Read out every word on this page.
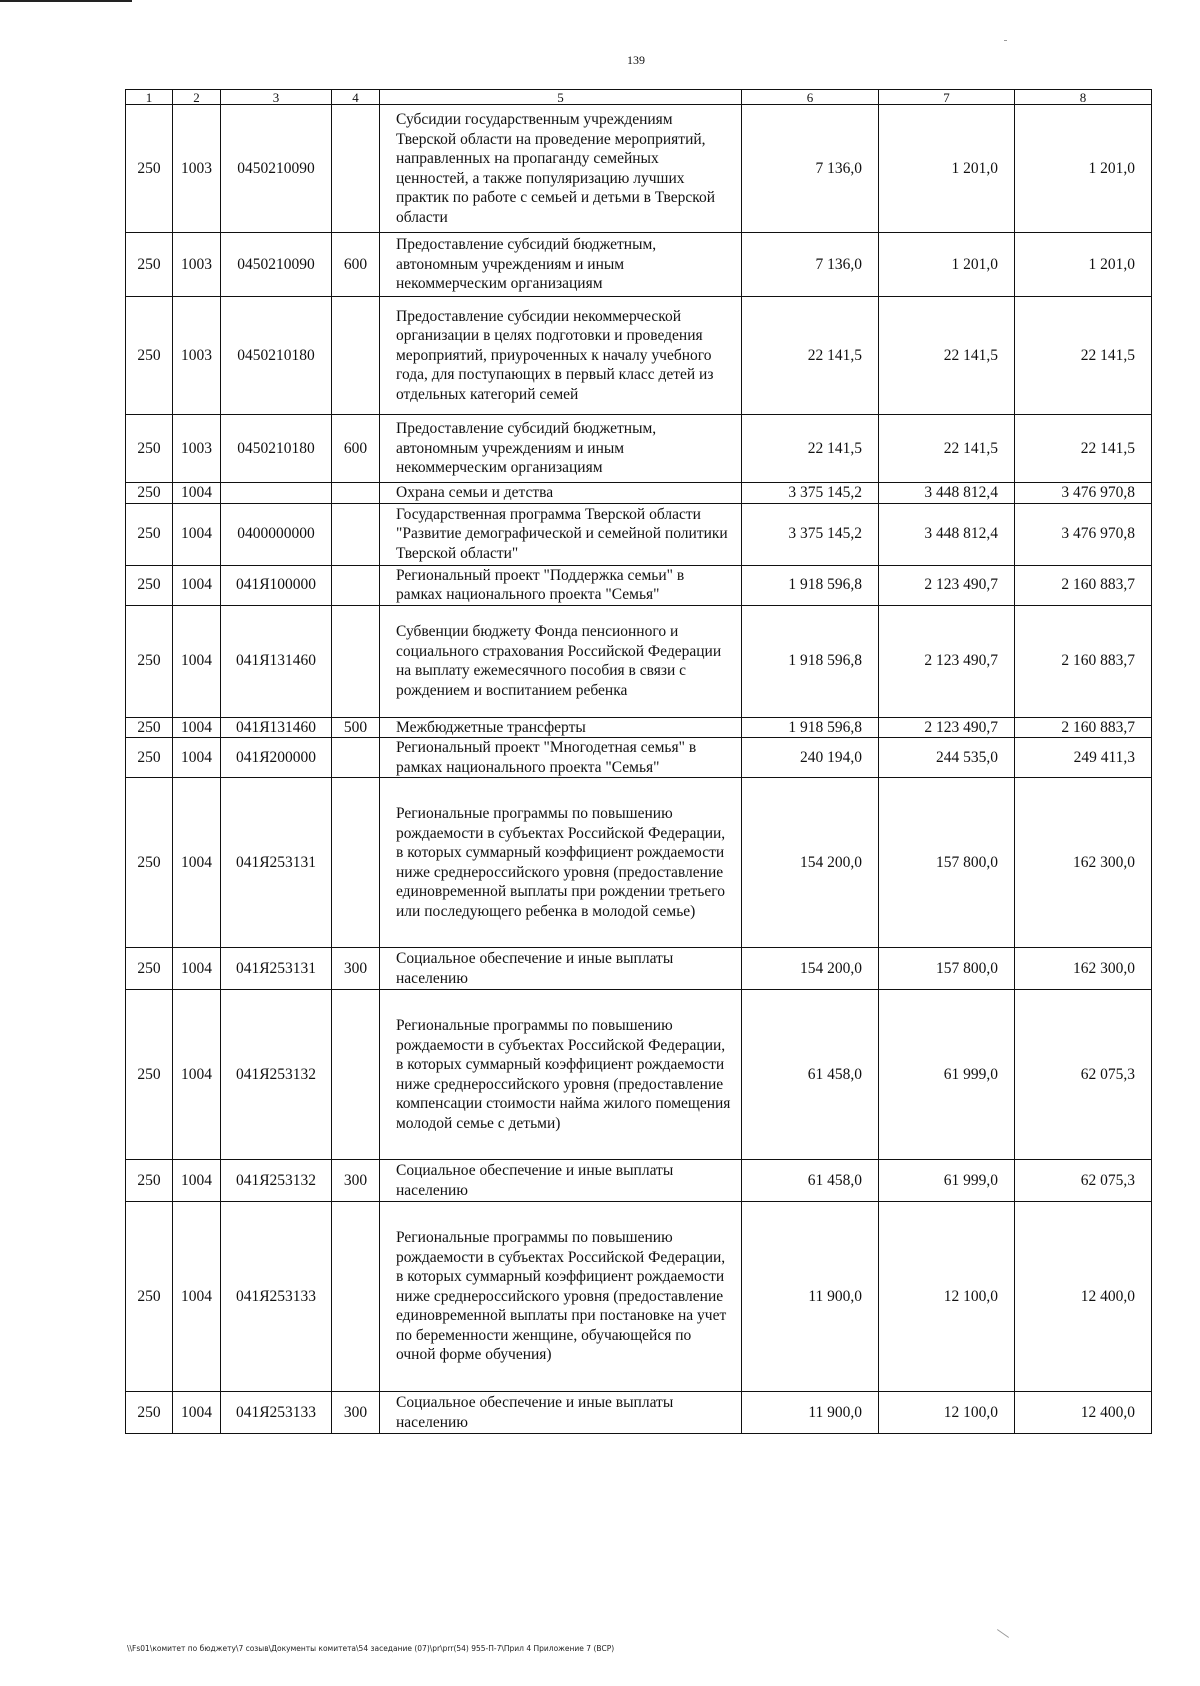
139
1	2	3	4	5	6	7	8
250	1003	0450210090		Субсидии государственным учреждениям Тверской области на проведение мероприятий, направленных на пропаганду семейных ценностей, а также популяризацию лучших практик по работе с семьей и детьми в Тверской области	7 136,0	1 201,0	1 201,0
250	1003	0450210090	600	Предоставление субсидий бюджетным, автономным учреждениям и иным некоммерческим организациям	7 136,0	1 201,0	1 201,0
250	1003	0450210180		Предоставление субсидии некоммерческой организации в целях подготовки и проведения мероприятий, приуроченных к началу учебного года, для поступающих в первый класс детей из отдельных категорий семей	22 141,5	22 141,5	22 141,5
250	1003	0450210180	600	Предоставление субсидий бюджетным, автономным учреждениям и иным некоммерческим организациям	22 141,5	22 141,5	22 141,5
250	1004			Охрана семьи и детства	3 375 145,2	3 448 812,4	3 476 970,8
250	1004	0400000000		Государственная программа Тверской области "Развитие демографической и семейной политики Тверской области"	3 375 145,2	3 448 812,4	3 476 970,8
250	1004	041Я100000		Региональный проект "Поддержка семьи" в рамках национального проекта "Семья"	1 918 596,8	2 123 490,7	2 160 883,7
250	1004	041Я131460		Субвенции бюджету Фонда пенсионного и социального страхования Российской Федерации на выплату ежемесячного пособия в связи с рождением и воспитанием ребенка	1 918 596,8	2 123 490,7	2 160 883,7
250	1004	041Я131460	500	Межбюджетные трансферты	1 918 596,8	2 123 490,7	2 160 883,7
250	1004	041Я200000		Региональный проект "Многодетная семья" в рамках национального проекта "Семья"	240 194,0	244 535,0	249 411,3
250	1004	041Я253131		Региональные программы по повышению рождаемости в субъектах Российской Федерации, в которых суммарный коэффициент рождаемости ниже среднероссийского уровня (предоставление единовременной выплаты при рождении третьего или последующего ребенка в молодой семье)	154 200,0	157 800,0	162 300,0
250	1004	041Я253131	300	Социальное обеспечение и иные выплаты населению	154 200,0	157 800,0	162 300,0
250	1004	041Я253132		Региональные программы по повышению рождаемости в субъектах Российской Федерации, в которых суммарный коэффициент рождаемости ниже среднероссийского уровня (предоставление компенсации стоимости найма жилого помещения молодой семье с детьми)	61 458,0	61 999,0	62 075,3
250	1004	041Я253132	300	Социальное обеспечение и иные выплаты населению	61 458,0	61 999,0	62 075,3
250	1004	041Я253133		Региональные программы по повышению рождаемости в субъектах Российской Федерации, в которых суммарный коэффициент рождаемости ниже среднероссийского уровня (предоставление единовременной выплаты при постановке на учет по беременности женщине, обучающейся по очной форме обучения)	11 900,0	12 100,0	12 400,0
250	1004	041Я253133	300	Социальное обеспечение и иные выплаты населению	11 900,0	12 100,0	12 400,0
\\Fs01\комитет по бюджету\7 созыв\Документы комитета\54 заседание (07)\pr\prr(54) 955-П-7\Прил 4 Приложение 7 (ВСР)
